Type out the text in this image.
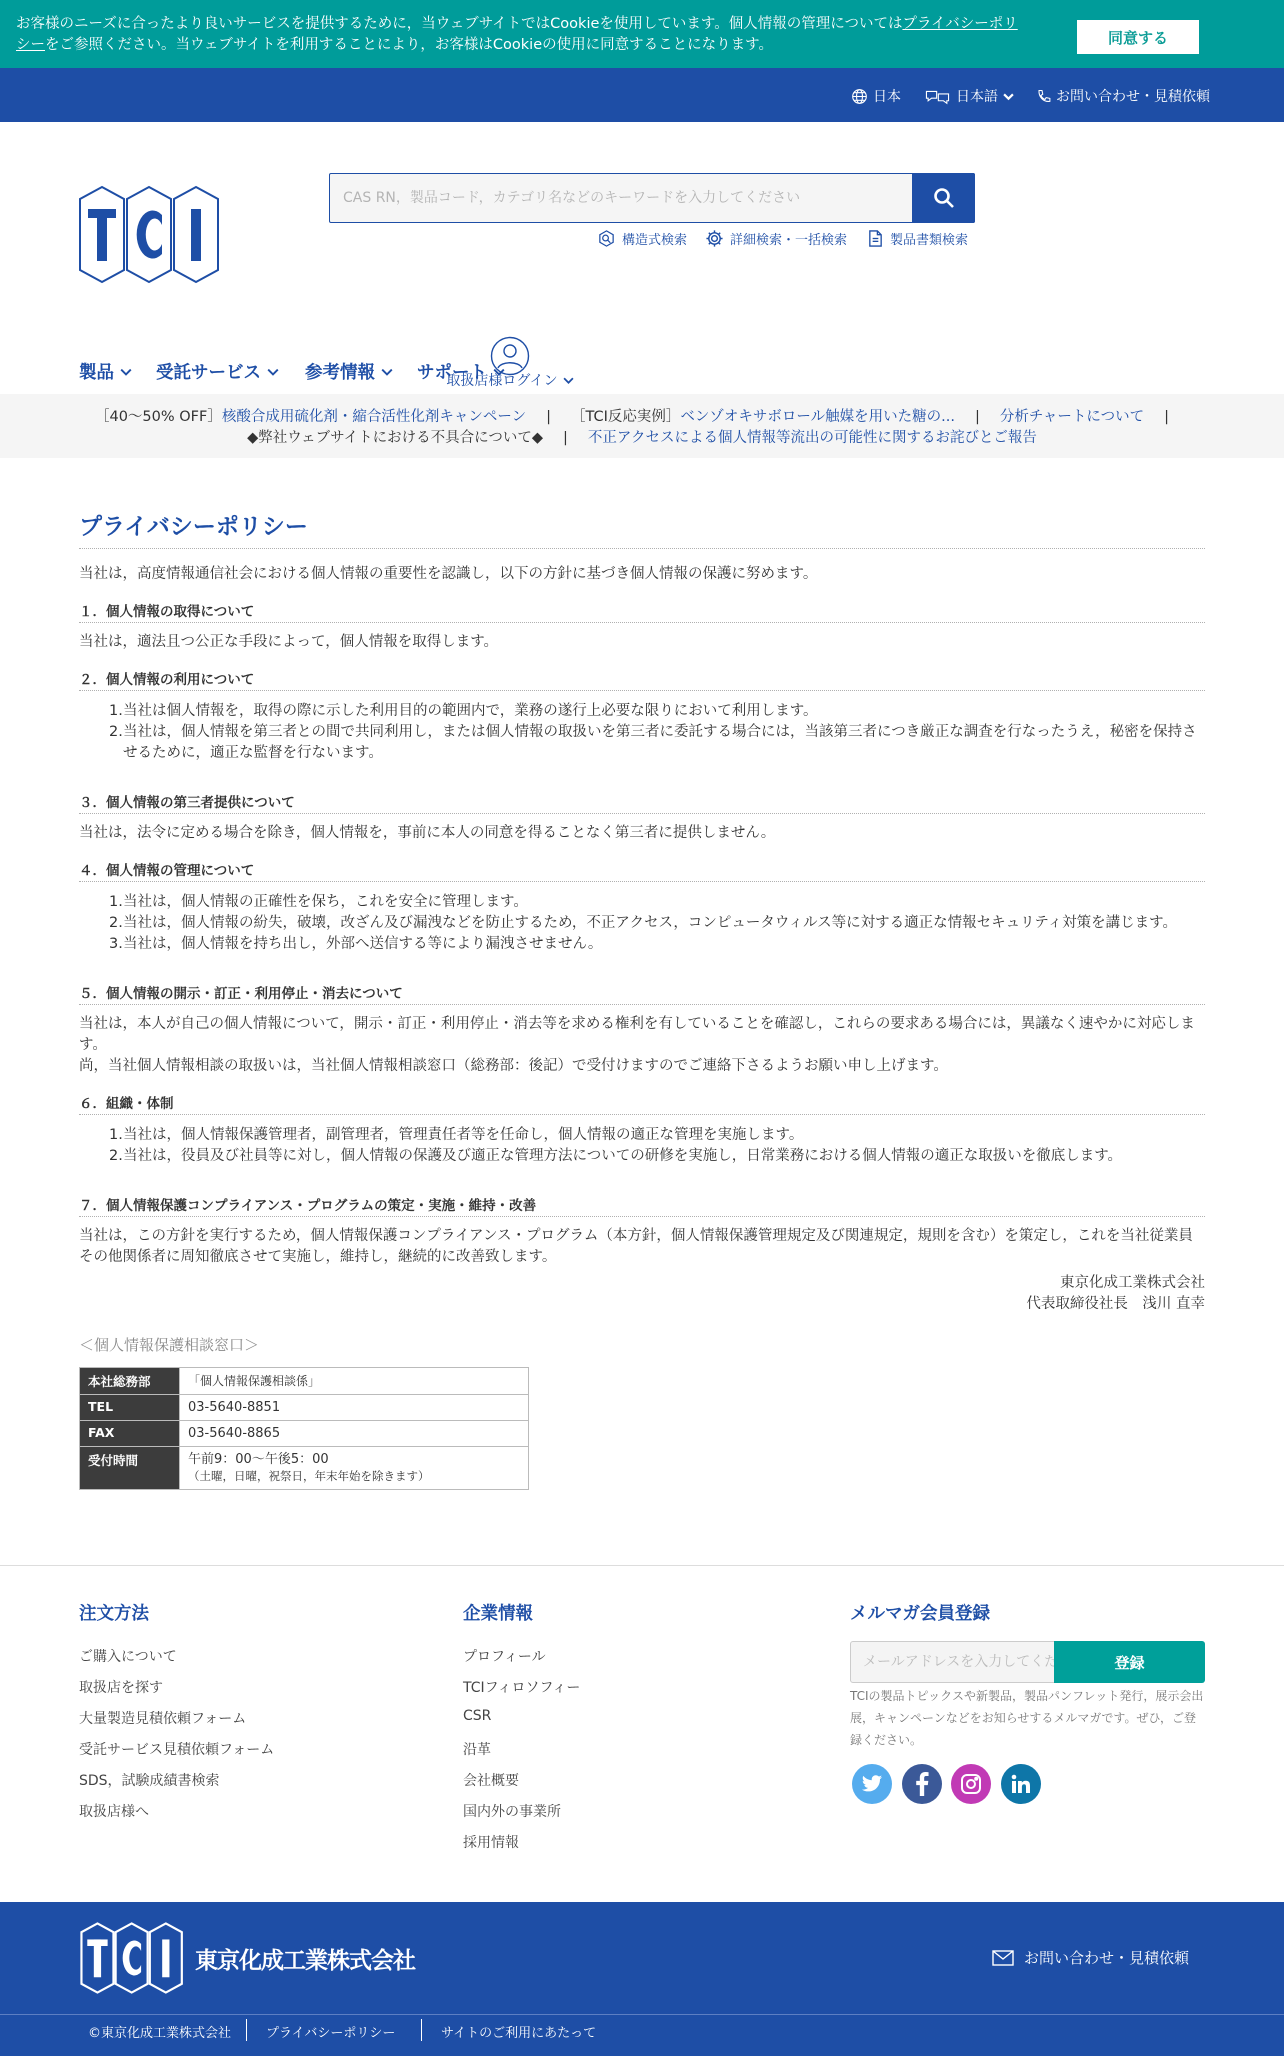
お客様のニーズに合ったより良いサービスを提供するために，当ウェブサイトではCookieを使用しています。個人情報の管理についてはプライバシーポリシーをご参照ください。当ウェブサイトを利用することにより，お客様はCookieの使用に同意することになります。	同意する
日本	日本語	お問い合わせ・見積依頼
CAS RN，製品コード，カテゴリ名などのキーワードを入力してください
構造式検索	詳細検索・一括検索	製品書類検索
製品 受託サービス	参考情報 サポート
取扱店様ログイン
［40～50% OFF］核酸合成用硫化剤・縮合活性化剤キャンペーン | ［TCI反応実例］ベンゾオキサボロール触媒を用いた糖の... | 分析チャートについて |
◆弊社ウェブサイトにおける不具合について◆ | 不正アクセスによる個人情報等流出の可能性に関するお詫びとご報告
プライバシーポリシー

当社は，高度情報通信社会における個人情報の重要性を認識し，以下の方針に基づき個人情報の保護に努めます。

１．個人情報の取得について

当社は，適法且つ公正な手段によって，個人情報を取得します。

２．個人情報の利用について
1. 当社は個人情報を，取得の際に示した利用目的の範囲内で，業務の遂行上必要な限りにおいて利用します。
2. 当社は，個人情報を第三者との間で共同利用し，または個人情報の取扱いを第三者に委託する場合には，当該第三者につき厳正な調査を行なったうえ，秘密を保持させるために，適正な監督を行ないます。
３．個人情報の第三者提供について

当社は，法令に定める場合を除き，個人情報を，事前に本人の同意を得ることなく第三者に提供しません。

４．個人情報の管理について
1. 当社は，個人情報の正確性を保ち，これを安全に管理します。
2. 当社は，個人情報の紛失，破壊，改ざん及び漏洩などを防止するため，不正アクセス，コンピュータウィルス等に対する適正な情報セキュリティ対策を講じます。
3. 当社は，個人情報を持ち出し，外部へ送信する等により漏洩させません。
５．個人情報の開示・訂正・利用停止・消去について

当社は，本人が自己の個人情報について，開示・訂正・利用停止・消去等を求める権利を有していることを確認し，これらの要求ある場合には，異議なく速やかに対応します。

尚，当社個人情報相談の取扱いは，当社個人情報相談窓口（総務部：後記）で受付けますのでご連絡下さるようお願い申し上げます。

６．組織・体制
1. 当社は，個人情報保護管理者，副管理者，管理責任者等を任命し，個人情報の適正な管理を実施します。
2. 当社は，役員及び社員等に対し，個人情報の保護及び適正な管理方法についての研修を実施し，日常業務における個人情報の適正な取扱いを徹底します。
７．個人情報保護コンプライアンス・プログラムの策定・実施・維持・改善

当社は，この方針を実行するため，個人情報保護コンプライアンス・プログラム（本方針，個人情報保護管理規定及び関連規定，規則を含む）を策定し，これを当社従業員その他関係者に周知徹底させて実施し，維持し，継続的に改善致します。

東京化成工業株式会社

代表取締役社長　浅川 直幸

＜個人情報保護相談窓口＞

本社総務部	「個人情報保護相談係」
TEL	03-5640-8851
FAX	03-5640-8865
受付時間	午前9：00～午後5：00
（土曜，日曜，祝祭日，年末年始を除きます）
注文方法
ご購入について
取扱店を探す
大量製造見積依頼フォーム
受託サービス見積依頼フォーム
SDS，試験成績書検索
取扱店様へ
企業情報
プロフィール
TCIフィロソフィー
CSR
沿革
会社概要
国内外の事業所
採用情報
メルマガ会員登録
メールアドレスを入力してください
登録
TCIの製品トピックスや新製品，製品パンフレット発行，展示会出展，キャンペーンなどをお知らせするメルマガです。ぜひ，ご登録ください。
東京化成工業株式会社	お問い合わせ・見積依頼
©東京化成工業株式会社	プライバシーポリシー	サイトのご利用にあたって
